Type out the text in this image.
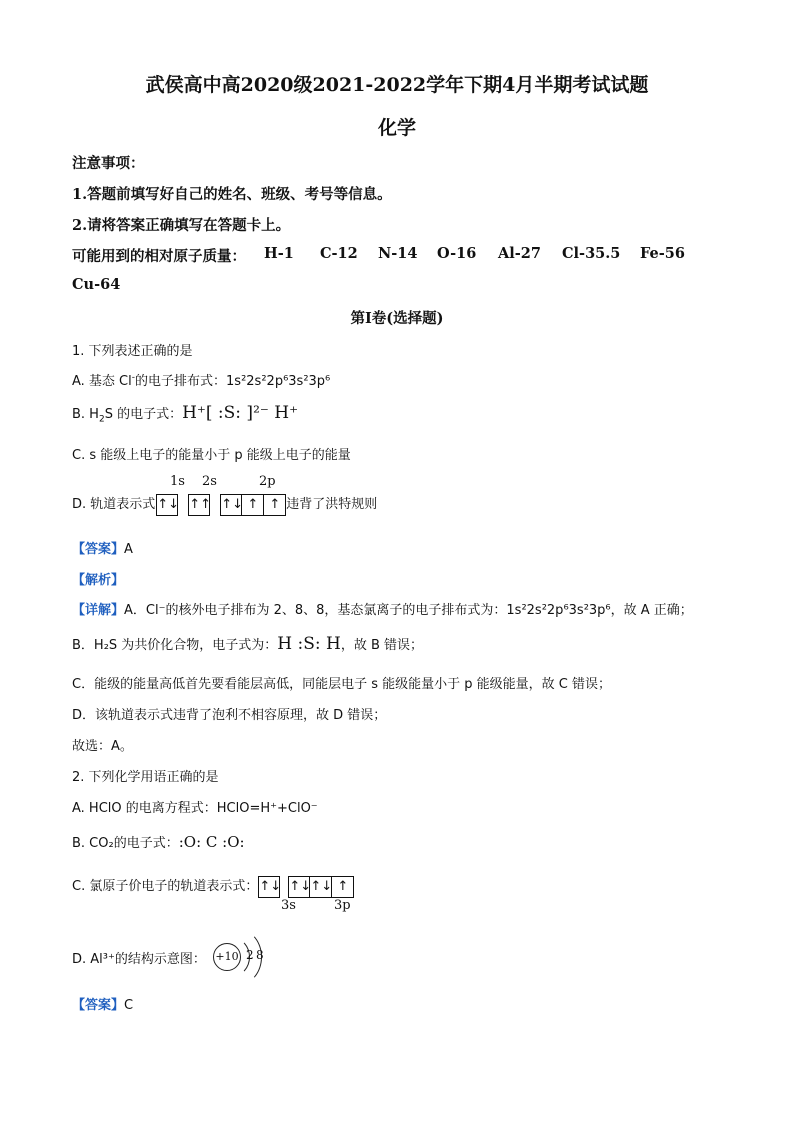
武侯高中高2020级2021-2022学年下期4月半期考试试题
化学
注意事项：
1.答题前填写好自己的姓名、班级、考号等信息。
2.请将答案正确填写在答题卡上。
可能用到的相对原子质量： H-1 C-12 N-14 O-16 Al-27 Cl-35.5 Fe-56
Cu-64
第I卷(选择题)
1. 下列表述正确的是
A. 基态 Cl-的电子排布式：1s²2s²2p⁶3s²3p⁶
B. $H_2S$ 的电子式：H⁺[ :S: ]²⁻ H⁺
C. s 能级上电子的能量小于 p 能级上电子的能量
1s 2s	2p
D. 轨道表示式 ↑↓ ↑↑ ↑↓ ↑ ↑ 违背了洪特规则
【答案】A
【解析】
【详解】A．Cl⁻的核外电子排布为 2、8、8，基态氯离子的电子排布式为：1s²2s²2p⁶3s²3p⁶，故 A 正确；
B．H₂S 为共价化合物，电子式为：H :S: H，故 B 错误；
C．能级的能量高低首先要看能层高低，同能层电子 s 能级能量小于 p 能级能量，故 C 错误；
D．该轨道表示式违背了泡利不相容原理，故 D 错误；
故选：A。
2. 下列化学用语正确的是
A. HClO 的电离方程式：HClO=H⁺+ClO⁻
B. CO₂的电子式：:O: C :O:
C. 氯原子价电子的轨道表示式：↑↓ ↑↓↑↓ ↑
3s	3p
D. Al³⁺的结构示意图： +10 2 8
【答案】C
